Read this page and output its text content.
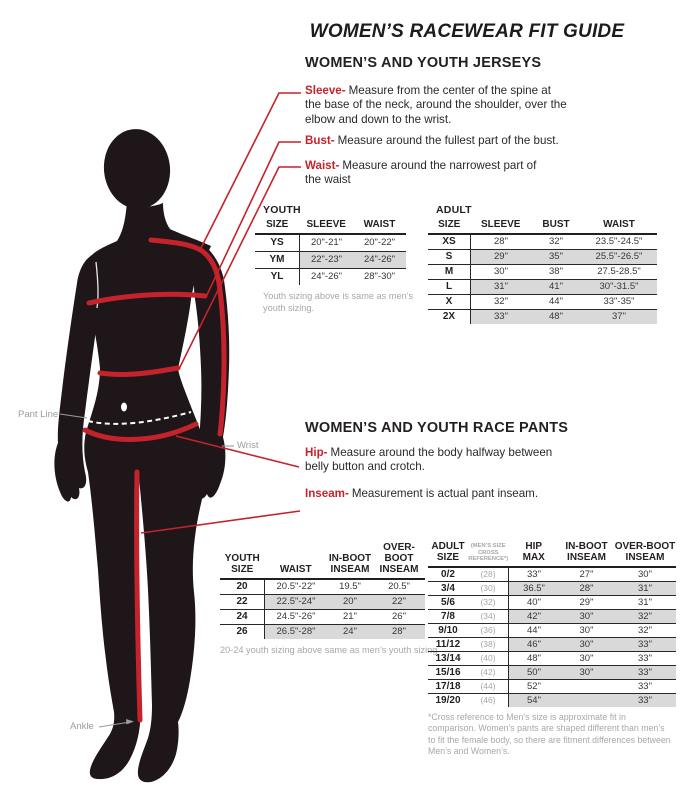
Pant Line
Wrist
Ankle
WOMEN’S RACEWEAR FIT GUIDE
WOMEN’S AND YOUTH JERSEYS
Sleeve- Measure from the center of the spine at the base of the neck, around the shoulder, over the elbow and down to the wrist.
Bust- Measure around the fullest part of the bust.
Waist- Measure around the narrowest part of the waist
YOUTH
SIZE	SLEEVE	WAIST

YS	20"-21"	20"-22"
YM	22"-23"	24"-26"
YL	24"-26"	28"-30"
Youth sizing above is same as men’s youth sizing.
ADULT
SIZE	SLEEVE	BUST	WAIST

XS	28"	32"	23.5"-24.5"
S	29"	35"	25.5"-26.5"
M	30"	38"	27.5-28.5"
L	31"	41"	30"-31.5"
X	32"	44"	33"-35"
2X	33"	48"	37"
WOMEN’S AND YOUTH RACE PANTS
Hip- Measure around the body halfway between belly button and crotch.
Inseam- Measurement is actual pant inseam.
YOUTH
SIZE	WAIST

IN-BOOT
INSEAM

OVER-BOOT
INSEAM

20	20.5"-22"	19.5"	20.5"
22	22.5"-24"	20"	22"
24	24.5"-26"	21"	26"
26	26.5"-28"	24"	28"
20-24 youth sizing above same as men’s youth sizing
ADULT
SIZE

(MEN’S SIZE
CROSS
REFERENCE*)

HIP
MAX

IN-BOOT
INSEAM

OVER-BOOT
INSEAM

0/2	(28)	33"	27"	30"
3/4	(30)	36.5"	28"	31"
5/6	(32)	40"	29"	31"
7/8	(34)	42"	30"	32"
9/10	(36)	44"	30"	32"
11/12	(38)	46"	30"	33"
13/14	(40)	48"	30"	33"
15/16	(42)	50"	30"	33"
17/18	(44)	52"		33"
19/20	(46)	54"		33"
*Cross reference to Men’s size is approximate fit in comparison. Women’s pants are shaped different than men’s to fit the female body, so there are fitment differences between Men’s and Women’s.
